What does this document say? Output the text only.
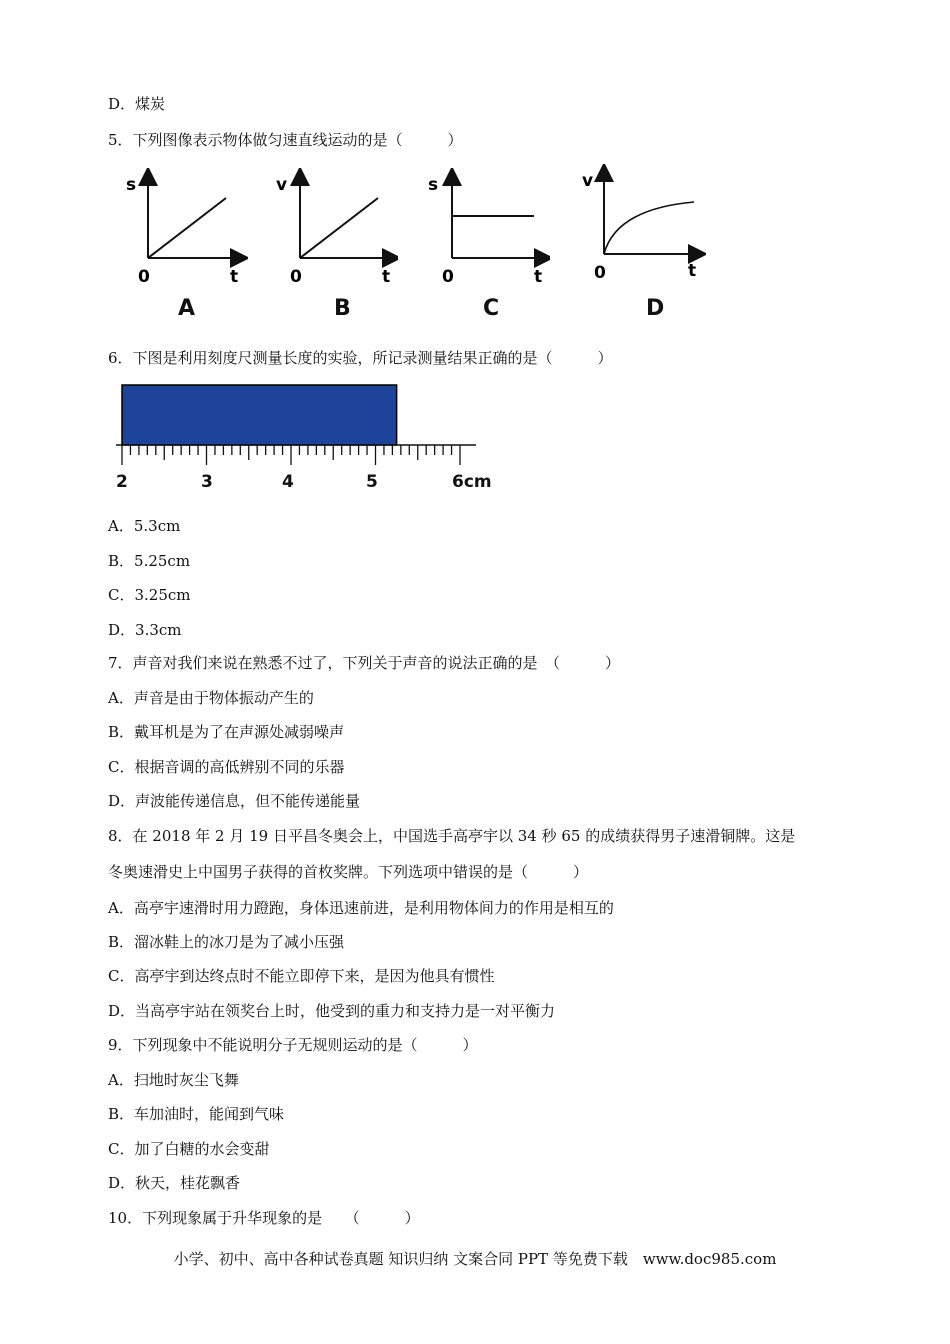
D．煤炭
5．下列图像表示物体做匀速直线运动的是（　　　）
s
0	t
A
v
0	t
B
s
0	t
C
v
0	t
D
6．下图是利用刻度尺测量长度的实验，所记录测量结果正确的是（　　　）
2	3	4	5	6cm
A．5.3cm
B．5.25cm
C．3.25cm
D．3.3cm
7．声音对我们来说在熟悉不过了，下列关于声音的说法正确的是　（　　　）
A．声音是由于物体振动产生的
B．戴耳机是为了在声源处减弱噪声
C．根据音调的高低辨别不同的乐器
D．声波能传递信息，但不能传递能量
8．在 2018 年 2 月 19 日平昌冬奥会上，中国选手高亭宇以 34 秒 65 的成绩获得男子速滑铜牌。这是
冬奥速滑史上中国男子获得的首枚奖牌。下列选项中错误的是（　　　）
A．高亭宇速滑时用力蹬跑，身体迅速前进，是利用物体间力的作用是相互的
B．溜冰鞋上的冰刀是为了减小压强
C．高亭宇到达终点时不能立即停下来，是因为他具有惯性
D．当高亭宇站在领奖台上时，他受到的重力和支持力是一对平衡力
9．下列现象中不能说明分子无规则运动的是（　　　）
A．扫地时灰尘飞舞
B．车加油时，能闻到气味
C．加了白糖的水会变甜
D．秋天，桂花飘香
10．下列现象属于升华现象的是　　（　　　）
小学、初中、高中各种试卷真题 知识归纳 文案合同 PPT 等免费下载　www.doc985.com
